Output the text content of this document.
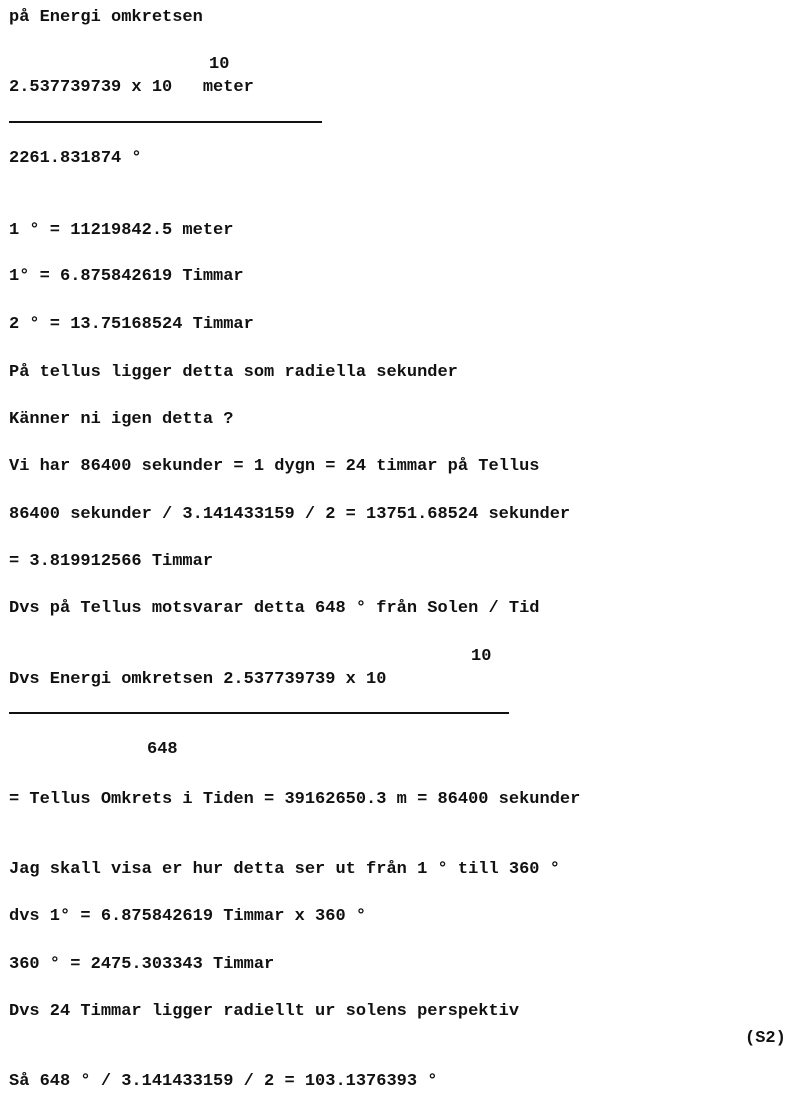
på Energi omkretsen
10
2.537739739 x 10   meter
2261.831874 °
1 ° = 11219842.5 meter
1° = 6.875842619 Timmar
2 ° = 13.75168524 Timmar
På tellus ligger detta som radiella sekunder
Känner ni igen detta ?
Vi har 86400 sekunder = 1 dygn = 24 timmar på Tellus
86400 sekunder / 3.141433159 / 2 = 13751.68524 sekunder
= 3.819912566 Timmar
Dvs på Tellus motsvarar detta 648 ° från Solen / Tid
10
Dvs Energi omkretsen 2.537739739 x 10
648
= Tellus Omkrets i Tiden = 39162650.3 m = 86400 sekunder
Jag skall visa er hur detta ser ut från 1 ° till 360 °
dvs 1° = 6.875842619 Timmar x 360 °
360 ° = 2475.303343 Timmar
Dvs 24 Timmar ligger radiellt ur solens perspektiv
(S2)
Så 648 ° / 3.141433159 / 2 = 103.1376393 °
